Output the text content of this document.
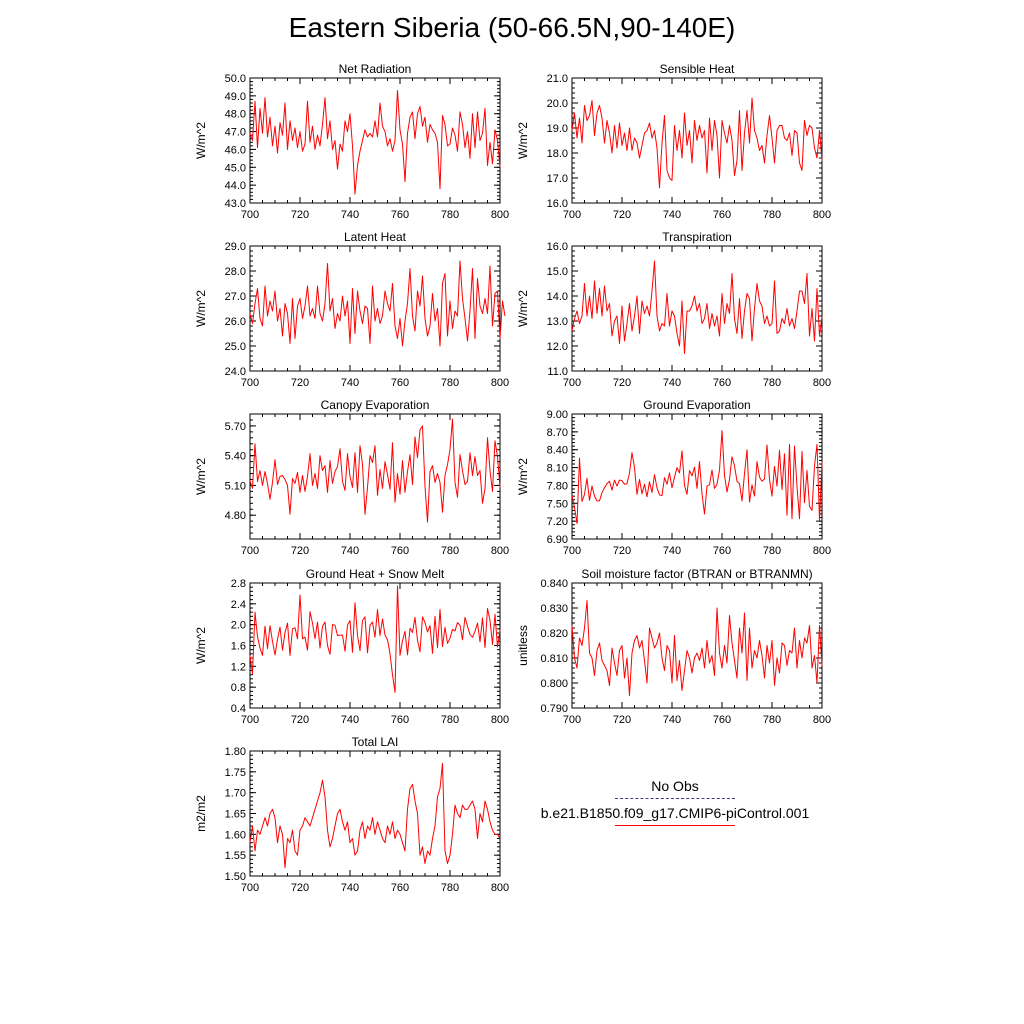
Eastern Siberia (50-66.5N,90-140E)
700	720	740	760	780	800
43.0
44.0
45.0
46.0
47.0
48.0
49.0
50.0
Net Radiation
W/m^2
700	720	740	760	780	800
16.0
17.0
18.0
19.0
20.0
21.0
Sensible Heat
W/m^2
700	720	740	760	780	800
24.0
25.0
26.0
27.0
28.0
29.0
Latent Heat
W/m^2
700	720	740	760	780	800
11.0
12.0
13.0
14.0
15.0
16.0
Transpiration
W/m^2
700	720	740	760	780	800
4.80
5.10
5.40
5.70
Canopy Evaporation
W/m^2
700	720	740	760	780	800
6.90
7.20
7.50
7.80
8.10
8.40
8.70
9.00
Ground Evaporation
W/m^2
700	720	740	760	780	800
0.4
0.8
1.2
1.6
2.0
2.4
2.8
Ground Heat + Snow Melt
W/m^2
700	720	740	760	780	800
0.790
0.800
0.810
0.820
0.830
0.840
Soil moisture factor (BTRAN or BTRANMN)
unitless
700	720	740	760	780	800
1.50
1.55
1.60
1.65
1.70
1.75
1.80
Total LAI
m2/m2
No Obs
b.e21.B1850.f09_g17.CMIP6-piControl.001
